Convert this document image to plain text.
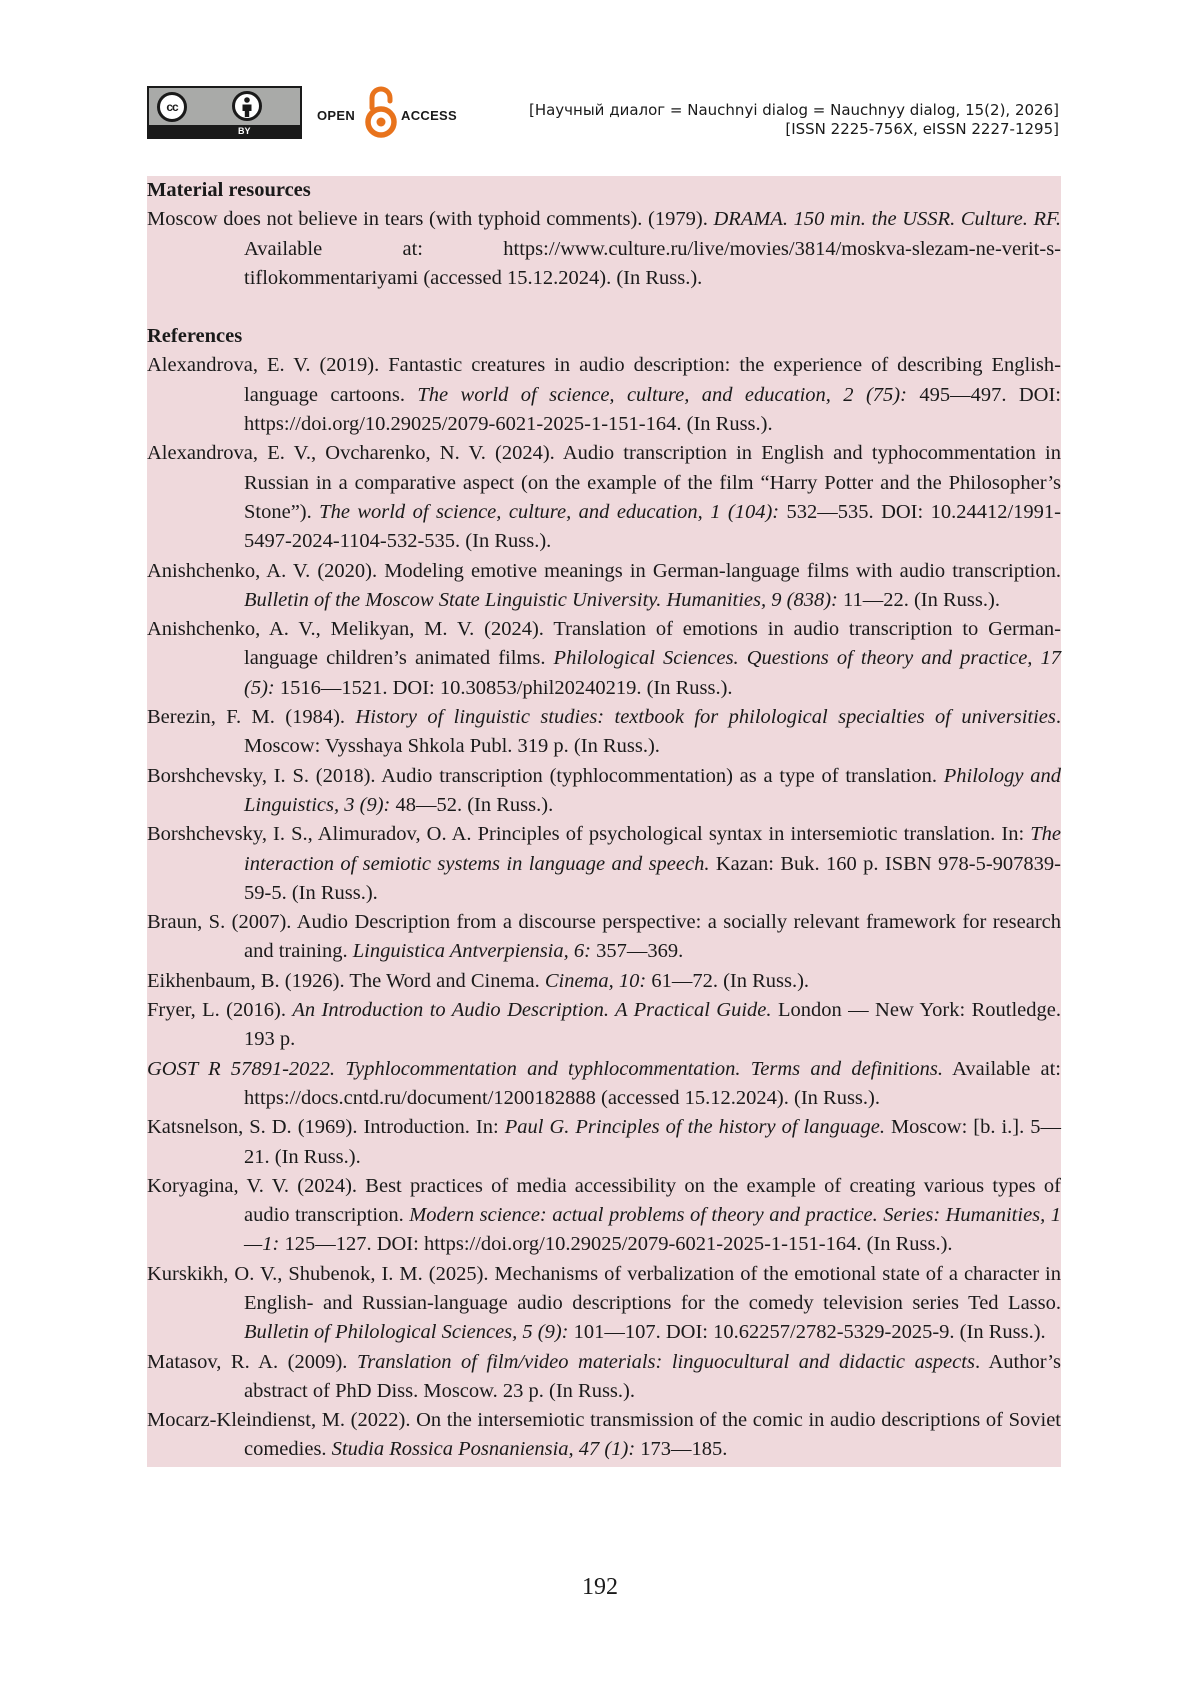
cc
BY
OPEN	ACCESS	[Научный диалог = Nauchnyi dialog = Nauchnyy dialog, 15(2), 2026]
[ISSN 2225-756X, eISSN 2227-1295]
Material resources
Moscow does not believe in tears (with typhoid comments). (1979). DRAMA. 150 min. the USSR. Culture. RF. Available at: https://www.culture.ru/live/movies/3814/moskva-slezam-ne-verit-s-tiflokommentariyami (accessed 15.12.2024). (In Russ.).
References
Alexandrova, E. V. (2019). Fantastic creatures in audio description: the experience of describing English-language cartoons. The world of science, culture, and education, 2 (75): 495—497. DOI: https://doi.org/10.29025/2079-6021-2025-1-151-164. (In Russ.).
Alexandrova, E. V., Ovcharenko, N. V. (2024). Audio transcription in English and typhocommentation in Russian in a comparative aspect (on the example of the film “Harry Potter and the Philosopher’s Stone”). The world of science, culture, and education, 1 (104): 532—535. DOI: 10.24412/1991-5497-2024-1104-532-535. (In Russ.).
Anishchenko, A. V. (2020). Modeling emotive meanings in German-language films with audio transcription. Bulletin of the Moscow State Linguistic University. Humanities, 9 (838): 11—22. (In Russ.).
Anishchenko, A. V., Melikyan, M. V. (2024). Translation of emotions in audio transcription to German-language children’s animated films. Philological Sciences. Questions of theory and practice, 17 (5): 1516—1521. DOI: 10.30853/phil20240219. (In Russ.).
Berezin, F. M. (1984). History of linguistic studies: textbook for philological specialties of universities. Moscow: Vysshaya Shkola Publ. 319 p. (In Russ.).
Borshchevsky, I. S. (2018). Audio transcription (typhlocommentation) as a type of translation. Philology and Linguistics, 3 (9): 48—52. (In Russ.).
Borshchevsky, I. S., Alimuradov, O. A. Principles of psychological syntax in intersemiotic translation. In: The interaction of semiotic systems in language and speech. Kazan: Buk. 160 p. ISBN 978-5-907839-59-5. (In Russ.).
Braun, S. (2007). Audio Description from a discourse perspective: a socially relevant framework for research and training. Linguistica Antverpiensia, 6: 357—369.
Eikhenbaum, B. (1926). The Word and Cinema. Cinema, 10: 61—72. (In Russ.).
Fryer, L. (2016). An Introduction to Audio Description. A Practical Guide. London — New York: Routledge. 193 p.
GOST R 57891-2022. Typhlocommentation and typhlocommentation. Terms and definitions. Available at: https://docs.cntd.ru/document/1200182888 (accessed 15.12.2024). (In Russ.).
Katsnelson, S. D. (1969). Introduction. In: Paul G. Principles of the history of language. Moscow: [b. i.]. 5—21. (In Russ.).
Koryagina, V. V. (2024). Best practices of media accessibility on the example of creating various types of audio transcription. Modern science: actual problems of theory and practice. Series: Humanities, 1—1: 125—127. DOI: https://doi.org/10.29025/2079-6021-2025-1-151-164. (In Russ.).
Kurskikh, O. V., Shubenok, I. M. (2025). Mechanisms of verbalization of the emotional state of a character in English- and Russian-language audio descriptions for the comedy television series Ted Lasso. Bulletin of Philological Sciences, 5 (9): 101—107. DOI: 10.62257/2782-5329-2025-9. (In Russ.).
Matasov, R. A. (2009). Translation of film/video materials: linguocultural and didactic aspects. Author’s abstract of PhD Diss. Moscow. 23 p. (In Russ.).
Mocarz-Kleindienst, M. (2022). On the intersemiotic transmission of the comic in audio descriptions of Soviet comedies. Studia Rossica Posnaniensia, 47 (1): 173—185.
192
